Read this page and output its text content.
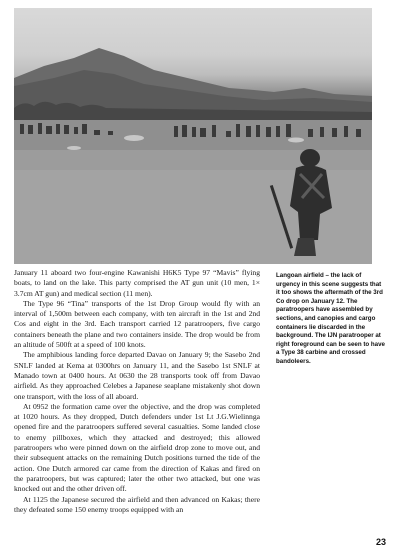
January 11 aboard two four-engine Kawanishi H6K5 Type 97 “Mavis” flying boats, to land on the lake. This party comprised the AT gun unit (10 men, 1× 3.7cm AT gun) and medical section (11 men).

The Type 96 “Tina” transports of the 1st Drop Group would fly with an interval of 1,500m between each company, with ten aircraft in the 1st and 2nd Cos and eight in the 3rd. Each transport carried 12 paratroopers, five cargo containers beneath the plane and two containers inside. The drop would be from an altitude of 500ft at a speed of 100 knots.

The amphibious landing force departed Davao on January 9; the Sasebo 2nd SNLF landed at Kema at 0300hrs on January 11, and the Sasebo 1st SNLF at Manado town at 0400 hours. At 0630 the 28 transports took off from Davao airfield. As they approached Celebes a Japanese seaplane mistakenly shot down one transport, with the loss of all aboard.

At 0952 the formation came over the objective, and the drop was completed at 1020 hours. As they dropped, Dutch defenders under 1st Lt J.G.Wielinnga opened fire and the paratroopers suffered several casualties. Some landed close to enemy pillboxes, which they attacked and destroyed; this allowed paratroopers who were pinned down on the airfield drop zone to move out, and their subsequent attacks on the remaining Dutch positions turned the tide of the action. One Dutch armored car came from the direction of Kakas and fired on the paratroopers, but was captured; later the other two attacked, but one was knocked out and the other driven off.

At 1125 the Japanese secured the airfield and then advanced on Kakas; there they defeated some 150 enemy troops equipped with an

Langoan airfield – the lack of urgency in this scene suggests that it too shows the aftermath of the 3rd Co drop on January 12. The paratroopers have assembled by sections, and canopies and cargo containers lie discarded in the background. The IJN paratrooper at right foreground can be seen to have a Type 38 carbine and crossed bandoleers.
23
